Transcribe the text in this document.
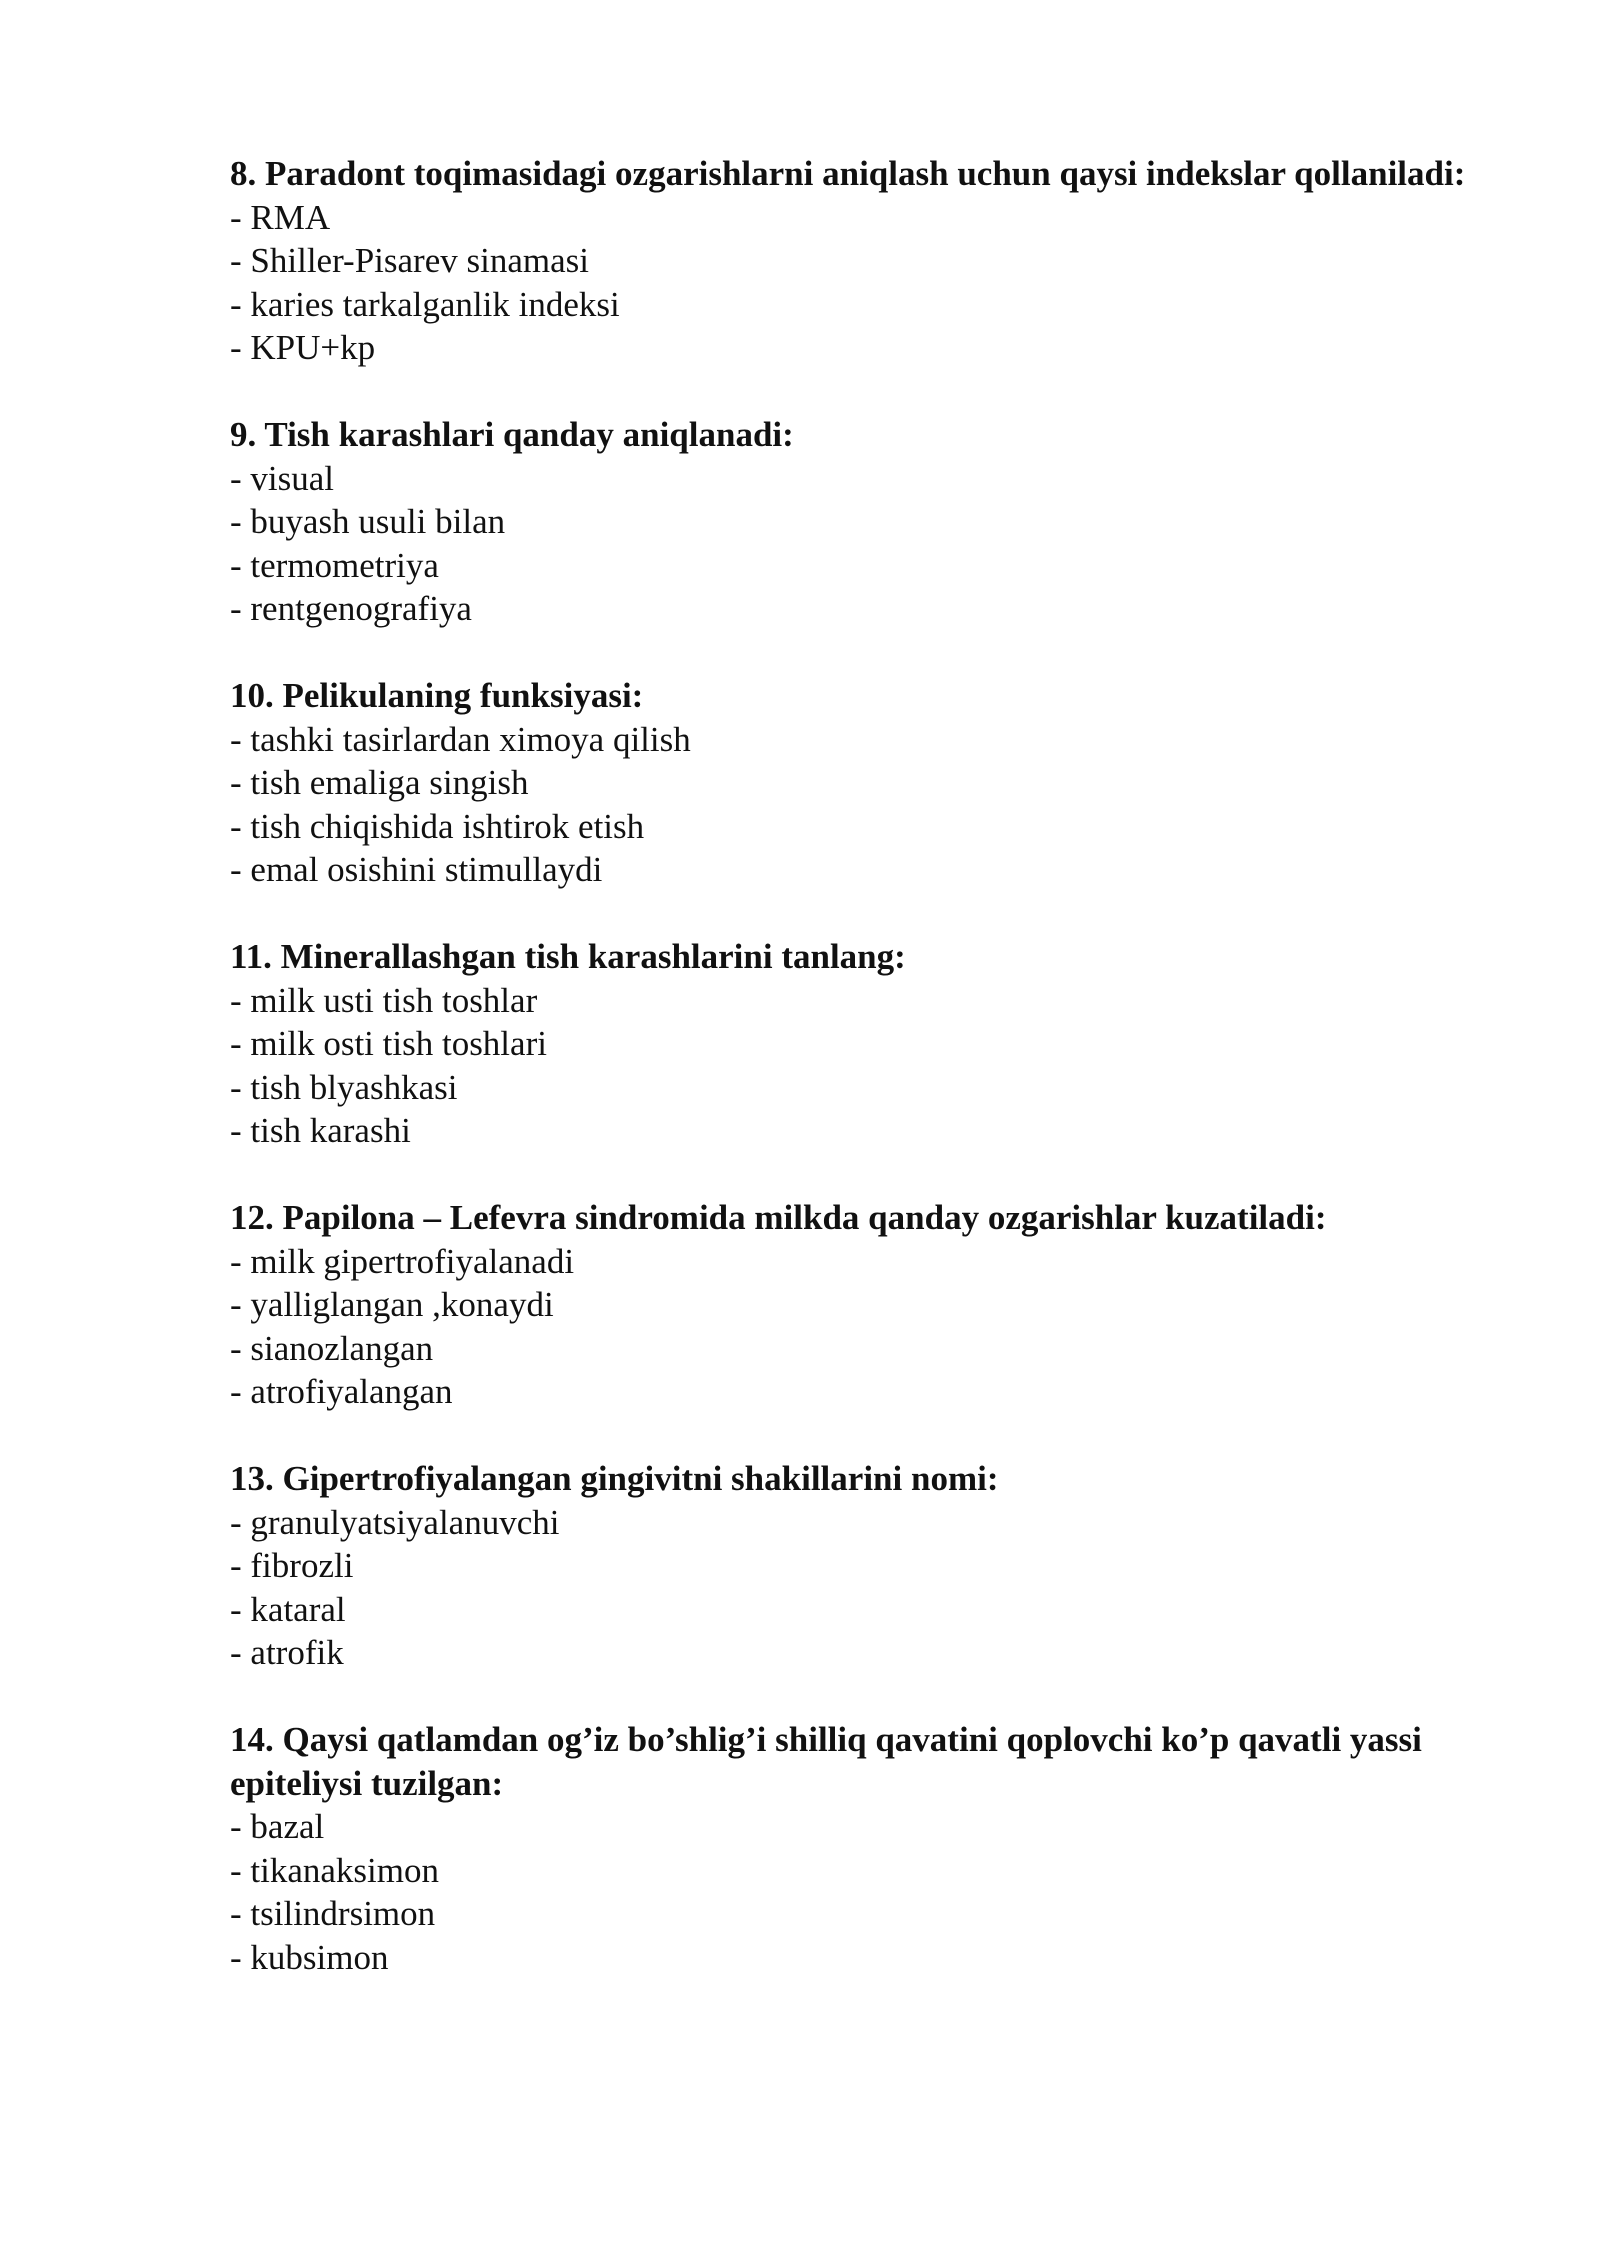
8. Paradont toqimasidagi ozgarishlarni aniqlash uchun qaysi indekslar qollaniladi:
- RMA
- Shiller-Pisarev sinamasi
- karies tarkalganlik indeksi
- KPU+kp
9. Tish karashlari qanday aniqlanadi:
- visual
- buyash usuli bilan
- termometriya
- rentgenografiya
10. Pelikulaning funksiyasi:
- tashki tasirlardan ximoya qilish
- tish emaliga singish
- tish chiqishida ishtirok etish
- emal osishini stimullaydi
11. Minerallashgan tish karashlarini tanlang:
- milk usti tish toshlar
- milk osti tish toshlari
- tish blyashkasi
- tish karashi
12. Papilona – Lefevra sindromida milkda qanday ozgarishlar kuzatiladi:
- milk gipertrofiyalanadi
- yalliglangan ,konaydi
- sianozlangan
- atrofiyalangan
13. Gipertrofiyalangan gingivitni shakillarini nomi:
- granulyatsiyalanuvchi
- fibrozli
- kataral
- atrofik
14. Qaysi qatlamdan og’iz bo’shlig’i shilliq qavatini qoplovchi ko’p qavatli yassi epiteliysi tuzilgan:
- bazal
- tikanaksimon
- tsilindrsimon
- kubsimon
